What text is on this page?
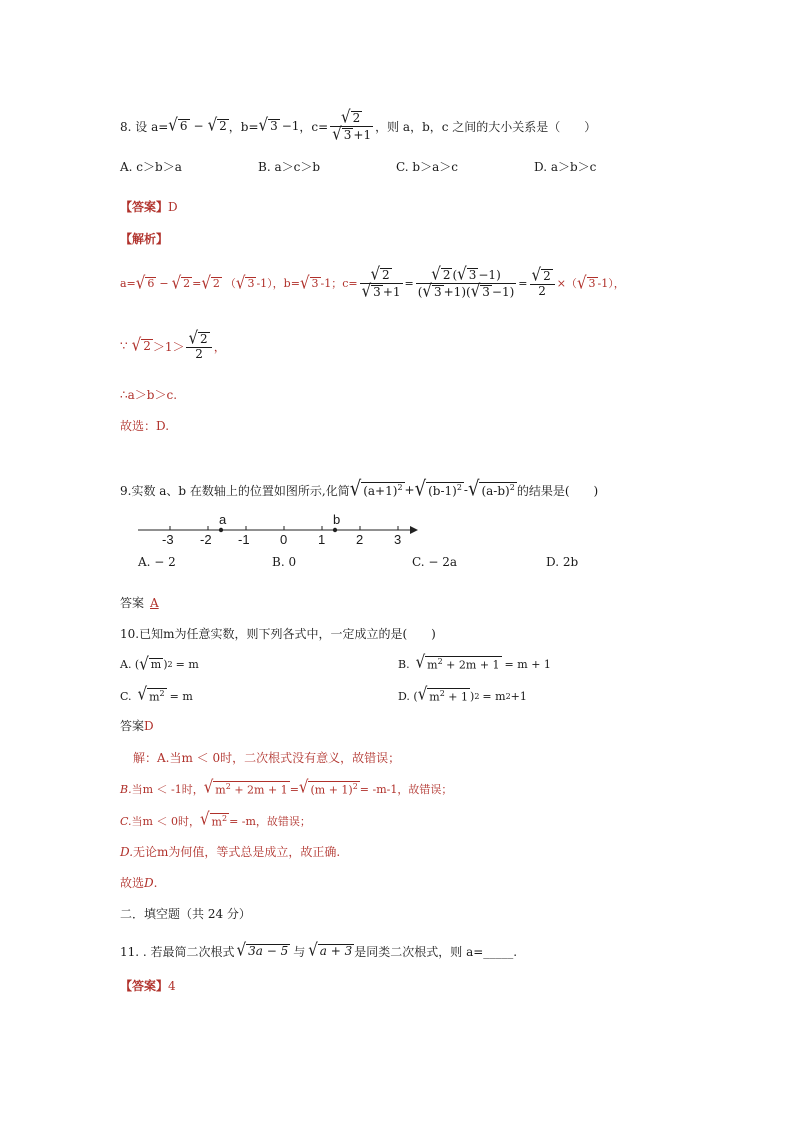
8. 设 a= √ 6 − √ 2 ，b= √ 3 −1 ，$c= \frac{√ 2}{√ 3 +1}$ ，则 a，b，c 之间的大小关系是（　　）
A. c＞b＞a	B. a＞c＞b	C. b＞a＞c	D. a＞b＞c
【答案】 D
【解析】
a= √ 6 − √ 2 = √ 2 （ √ 3 -1），b= √ 3 -1；$c= \frac{√ 2}{√ 3 +1} = \frac{√ 2 ( √ 3 -1)}{( √ 3 +1)( √ 3 -1)} = \frac{√ 2}{2}$ ×（ √ 3 -1），
∵ √ $2 >1> \frac{√ 2}{2}$ ，
∴a＞b＞c.
故选：D.
9.实数 a、b 在数轴上的位置如图所示,化简 √ $(a+1)^2$ + √ $(b-1)^2$ - √ $(a-b)^2$ 的结果是(　　)
a	b
-3 -2 -1 0 1 2 3
A. − 2	B. 0	C. − 2a	D. 2b
答案 A
10.已知m为任意实数，则下列各式中，一定成立的是(　　)
A. ( √ m ) 2 = m	B. √ $m^2 + 2m + 1 = m + 1$
C. √ $m^2 = m$	D. ( √ $m^2 + 1$ ) 2 = m 2 +1
答案 D
解：A.当m ＜ 0时，二次根式没有意义，故错误；
B. 当m ＜ -1时， √ $m^2 + 2m + 1$ = √ $(m + 1)^2 = -m-1$，故错误；
C. 当m ＜ 0时， √ $m^2 = -m$，故错误；
D. 无论m为何值，等式总是成立，故正确.
故选 D .
二．填空题（共 24 分）
11. . 若最简二次根式 √ 3a − 5 与 √ a + 3 是同类二次根式，则 a=_____.
【答案】 4
